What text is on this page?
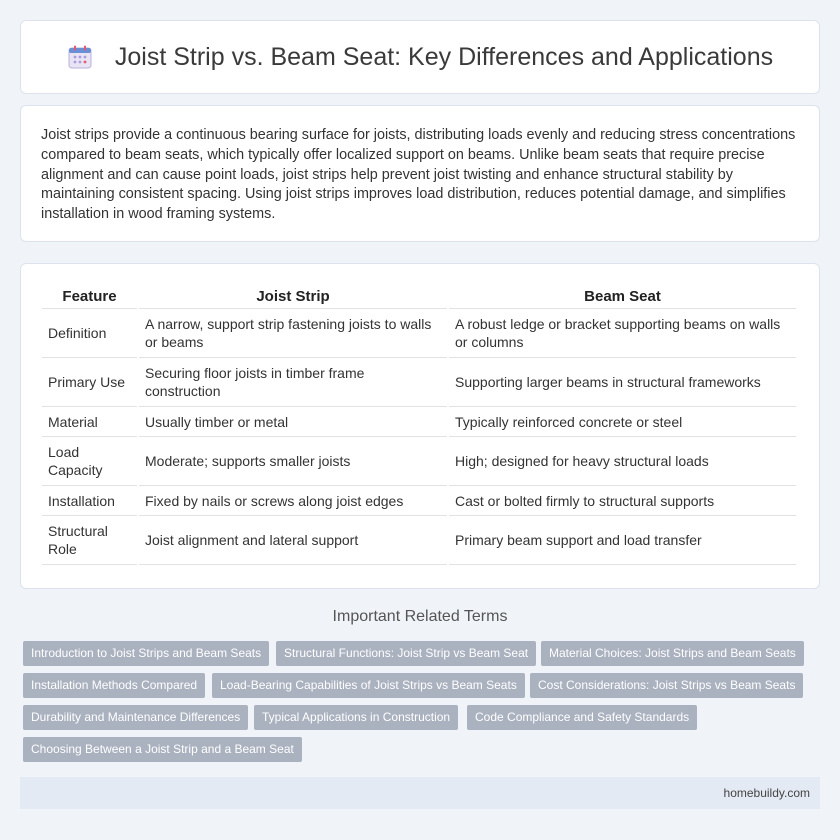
Joist Strip vs. Beam Seat: Key Differences and Applications

Joist strips provide a continuous bearing surface for joists, distributing loads evenly and reducing stress concentrations compared to beam seats, which typically offer localized support on beams. Unlike beam seats that require precise alignment and can cause point loads, joist strips help prevent joist twisting and enhance structural stability by maintaining consistent spacing. Using joist strips improves load distribution, reduces potential damage, and simplifies installation in wood framing systems.

Feature	Joist Strip	Beam Seat
Definition	A narrow, support strip fastening joists to walls or beams	A robust ledge or bracket supporting beams on walls or columns
Primary Use	Securing floor joists in timber frame construction	Supporting larger beams in structural frameworks
Material	Usually timber or metal	Typically reinforced concrete or steel
Load Capacity	Moderate; supports smaller joists	High; designed for heavy structural loads
Installation	Fixed by nails or screws along joist edges	Cast or bolted firmly to structural supports
Structural Role	Joist alignment and lateral support	Primary beam support and load transfer
Important Related Terms
Introduction to Joist Strips and Beam Seats	Structural Functions: Joist Strip vs Beam Seat	Material Choices: Joist Strips and Beam Seats
Installation Methods Compared	Load-Bearing Capabilities of Joist Strips vs Beam Seats	Cost Considerations: Joist Strips vs Beam Seats
Durability and Maintenance Differences	Typical Applications in Construction	Code Compliance and Safety Standards
Choosing Between a Joist Strip and a Beam Seat
homebuildy.com
